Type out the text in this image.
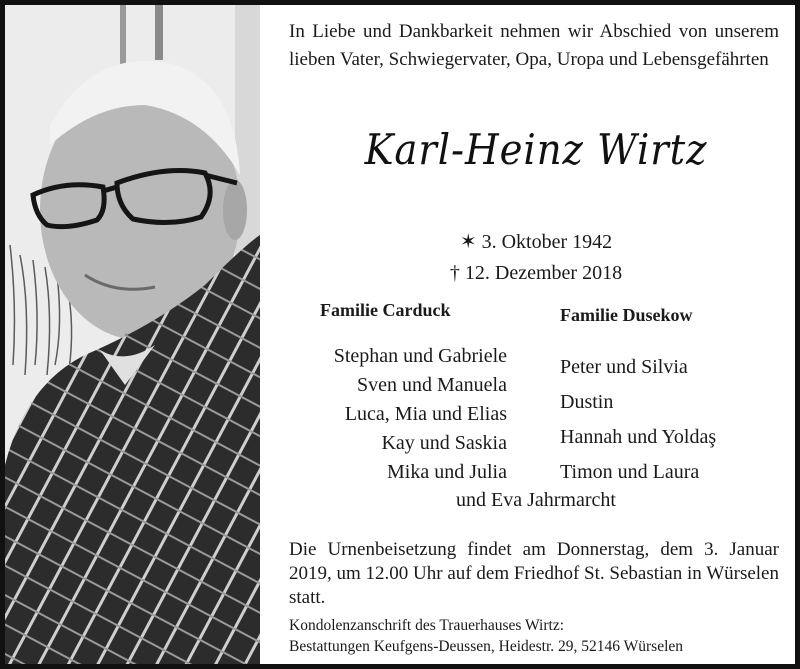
In Liebe und Dankbarkeit nehmen wir Abschied von unserem lieben Vater, Schwiegervater, Opa, Uropa und Lebensgefährten
Karl-Heinz Wirtz
✶ 3. Oktober 1942
† 12. Dezember 2018
Familie Carduck	Familie Dusekow
Stephan und Gabriele
Sven und Manuela
Luca, Mia und Elias
Kay und Saskia
Mika und Julia
Peter und Silvia
Dustin
Hannah und Yoldaş
Timon und Laura
und Eva Jahrmarcht
Die Urnenbeisetzung findet am Donnerstag, dem 3. Januar 2019, um 12.00 Uhr auf dem Friedhof St. Sebastian in Würselen statt.
Kondolenzanschrift des Trauerhauses Wirtz:
Bestattungen Keufgens-Deussen, Heidestr. 29, 52146 Würselen
